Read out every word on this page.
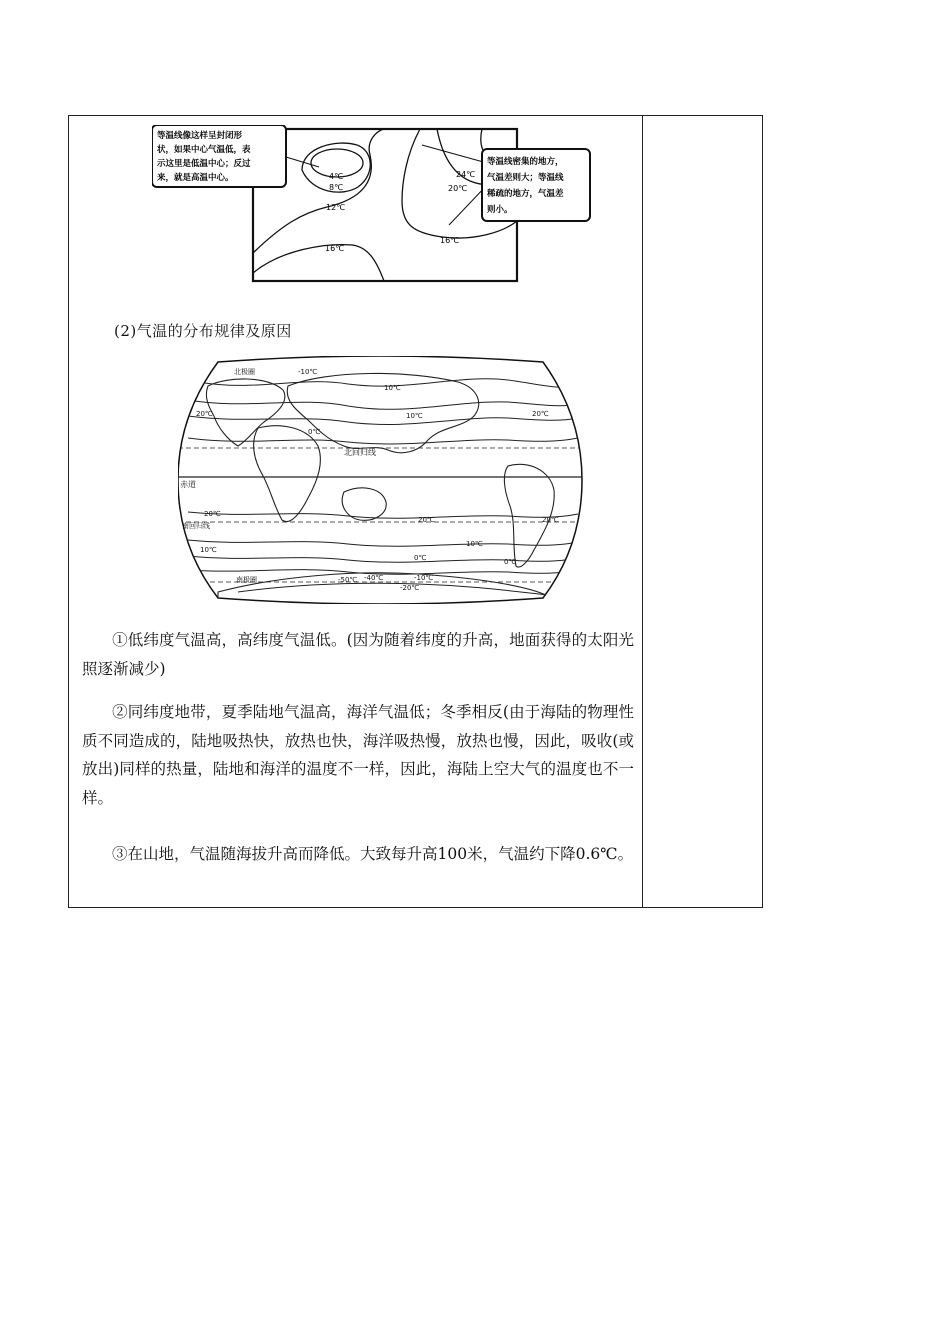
4℃
8℃
12℃
16℃
16℃
20℃
24℃
等温线像这样呈封闭形
状，如果中心气温低，表
示这里是低温中心；反过
来，就是高温中心。
等温线密集的地方，
气温差则大；等温线
稀疏的地方，气温差
则小。
(2)气温的分布规律及原因
北极圈	-10℃
0℃
10℃
10℃
20℃	20℃
北回归线
赤道
南回归线
20℃
20℃	20℃
10℃
10℃
0℃	0℃
-10℃
南极圈
-20℃
-40℃
-50℃
①低纬度气温高，高纬度气温低。(因为随着纬度的升高，地面获得的太阳光照逐渐减少)
②同纬度地带，夏季陆地气温高，海洋气温低；冬季相反(由于海陆的物理性质不同造成的，陆地吸热快，放热也快，海洋吸热慢，放热也慢，因此，吸收(或放出)同样的热量，陆地和海洋的温度不一样，因此，海陆上空大气的温度也不一样。
③在山地，气温随海拔升高而降低。大致每升高100米，气温约下降0.6℃。
